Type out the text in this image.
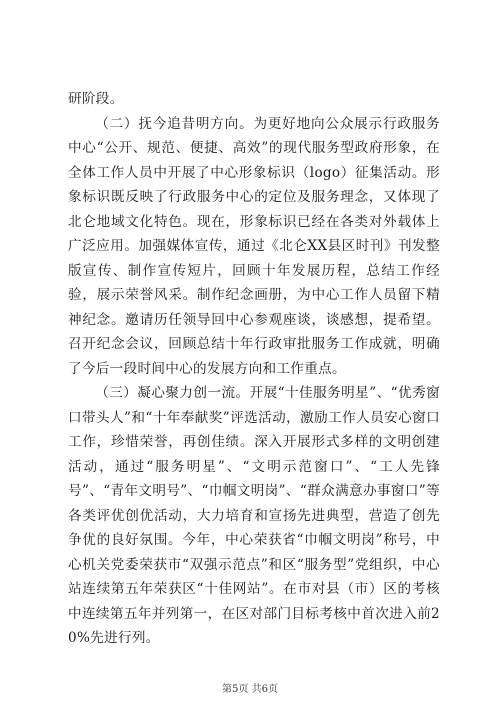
研阶段。

（二）抚今追昔明方向。为更好地向公众展示行政服务中心“公开、规范、便捷、高效”的现代服务型政府形象，在全体工作人员中开展了中心形象标识（logo）征集活动。形象标识既反映了行政服务中心的定位及服务理念，又体现了北仑地域文化特色。现在，形象标识已经在各类对外载体上广泛应用。加强媒体宣传，通过《北仑XX县区时刊》刊发整版宣传、制作宣传短片，回顾十年发展历程，总结工作经验，展示荣誉风采。制作纪念画册，为中心工作人员留下精神纪念。邀请历任领导回中心参观座谈，谈感想，提希望。召开纪念会议，回顾总结十年行政审批服务工作成就，明确了今后一段时间中心的发展方向和工作重点。

（三）凝心聚力创一流。开展“十佳服务明星”、“优秀窗口带头人”和“十年奉献奖”评选活动，激励工作人员安心窗口工作，珍惜荣誉，再创佳绩。深入开展形式多样的文明创建活动，通过“服务明星”、“文明示范窗口”、“工人先锋号”、“青年文明号”、“巾帼文明岗”、“群众满意办事窗口”等各类评优创优活动，大力培育和宣扬先进典型，营造了创先争优的良好氛围。今年，中心荣获省“巾帼文明岗”称号，中心机关党委荣获市“双强示范点”和区“服务型”党组织，中心站连续第五年荣获区“十佳网站”。在市对县（市）区的考核中连续第五年并列第一，在区对部门目标考核中首次进入前20%先进行列。

第5页 共6页
